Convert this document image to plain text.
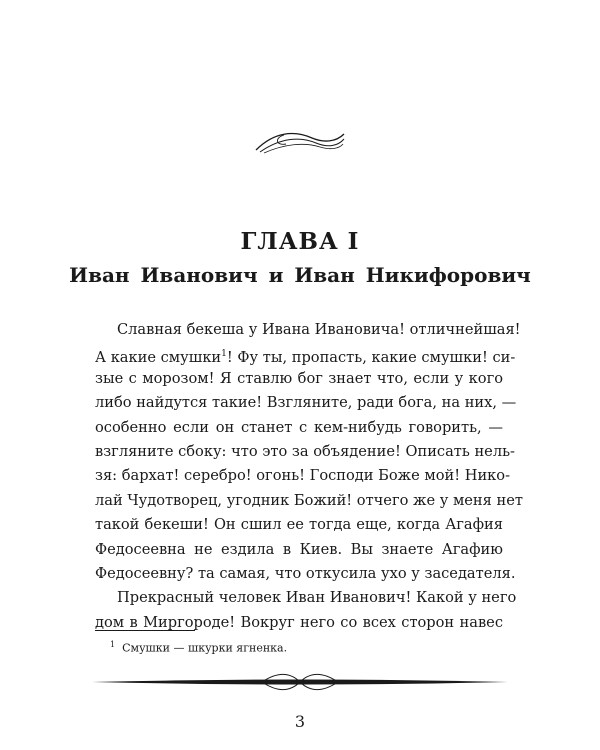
ГЛАВА I
Иван Иванович и Иван Никифорович
Славная бекеша у Ивана Ивановича! отличнейшая!
А какие смушки$^1$! Фу ты, пропасть, какие смушки! си-
зые с морозом! Я ставлю бог знает что, если у кого
либо найдутся такие! Взгляните, ради бога, на них, —
особенно если он станет с кем-нибудь говорить, —
взгляните сбоку: что это за объядение! Описать нель-
зя: бархат! серебро! огонь! Господи Боже мой! Нико-
лай Чудотворец, угодник Божий! отчего же у меня нет
такой бекеши! Он сшил ее тогда еще, когда Агафия
Федосеевна не ездила в Киев. Вы знаете Агафию
Федосеевну? та самая, что откусила ухо у заседателя.
Прекрасный человек Иван Иванович! Какой у него
дом в Миргороде! Вокруг него со всех сторон навес
$^1$ Смушки — шкурки ягненка.
3
